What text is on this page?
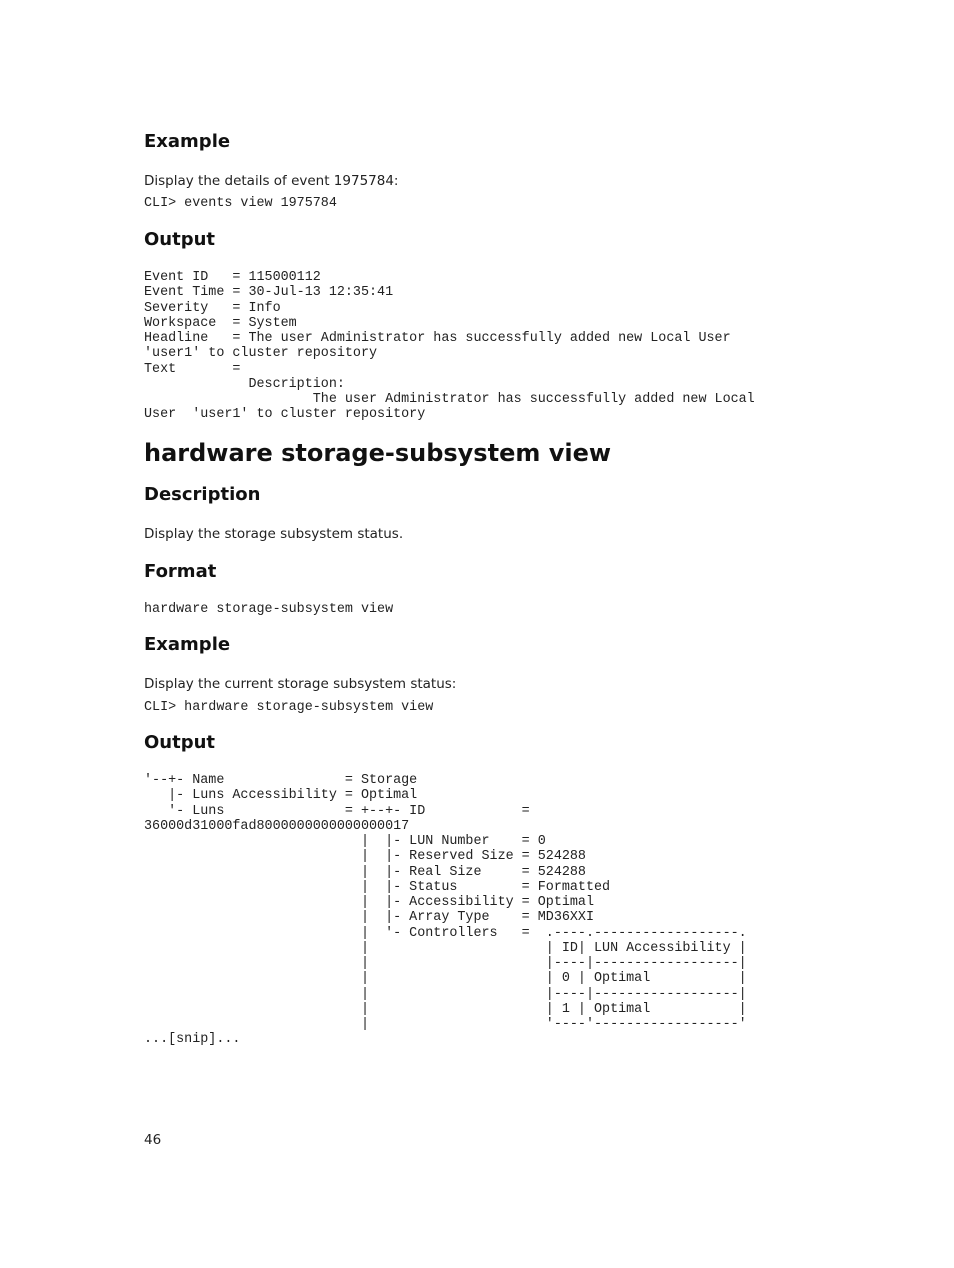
Example

Display the details of event 1975784:

CLI> events view 1975784
Output
Event ID   = 115000112
Event Time = 30-Jul-13 12:35:41
Severity   = Info
Workspace  = System
Headline   = The user Administrator has successfully added new Local User
'user1' to cluster repository
Text       =
Description:
The user Administrator has successfully added new Local
User  'user1' to cluster repository
hardware storage-subsystem view
Description

Display the storage subsystem status.

Format
hardware storage-subsystem view
Example

Display the current storage subsystem status:

CLI> hardware storage-subsystem view
Output
'--+- Name               = Storage
|- Luns Accessibility = Optimal
'- Luns               = +--+- ID            =
36000d31000fad8000000000000000017
|  |- LUN Number    = 0
|  |- Reserved Size = 524288
|  |- Real Size     = 524288
|  |- Status        = Formatted
|  |- Accessibility = Optimal
|  |- Array Type    = MD36XXI
|  '- Controllers   =  .----.------------------.
|                      | ID| LUN Accessibility |
|                      |----|------------------|
|                      | 0 | Optimal           |
|                      |----|------------------|
|                      | 1 | Optimal           |
|                      '----'------------------'
...[snip]...
46
